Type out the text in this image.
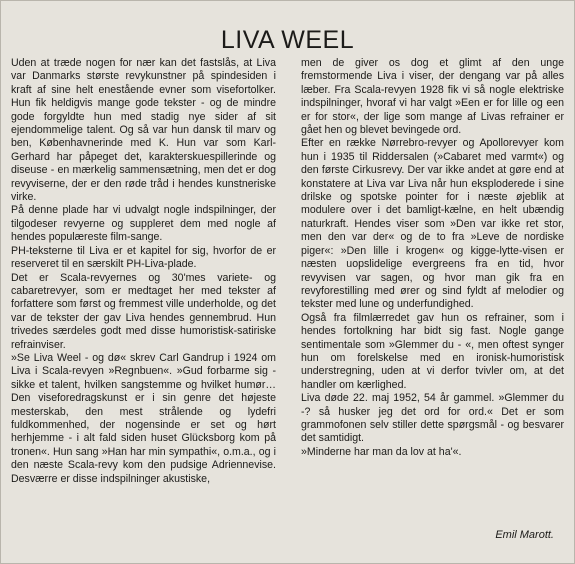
LIVA WEEL

Uden at træde nogen for nær kan det fastslås, at Liva var Danmarks største revykunstner på spindesiden i kraft af sine helt enestående evner som visefortolker. Hun fik heldigvis mange gode tekster - og de mindre gode forgyldte hun med stadig nye sider af sit ejendommelige talent. Og så var hun dansk til marv og ben, Københavnerinde med K. Hun var som Karl-Gerhard har påpeget det, karakterskuespillerinde og diseuse - en mærkelig sammensætning, men det er dog revyviserne, der er den røde tråd i hendes kunstneriske virke.

På denne plade har vi udvalgt nogle indspilninger, der tilgodeser revyerne og suppleret dem med nogle af hendes populæreste film-sange.

PH-teksterne til Liva er et kapitel for sig, hvorfor de er reserveret til en særskilt PH-Liva-plade.

Det er Scala-revyernes og 30'mes variete- og cabaretrevyer, som er medtaget her med tekster af forfattere som først og fremmest ville underholde, og det var de tekster der gav Liva hendes gennembrud. Hun trivedes særdeles godt med disse humoristisk-satiriske refrainviser.

»Se Liva Weel - og dø« skrev Carl Gandrup i 1924 om Liva i Scala-revyen »Regnbuen«. »Gud forbarme sig - sikke et talent, hvilken sangstemme og hvilket humør… Den viseforedragskunst er i sin genre det højeste mesterskab, den mest strålende og lydefri fuldkommenhed, der nogensinde er set og hørt herhjemme - i alt fald siden huset Glücksborg kom på tronen«. Hun sang »Han har min sympathi«, o.m.a., og i den næste Scala-revy kom den pudsige Adriennevise. Desværre er disse indspilninger akustiske,

men de giver os dog et glimt af den unge fremstormende Liva i viser, der dengang var på alles læber. Fra Scala-revyen 1928 fik vi så nogle elektriske indspilninger, hvoraf vi har valgt »Een er for lille og een er for stor«, der lige som mange af Livas refrainer er gået hen og blevet bevingede ord.

Efter en række Nørrebro-revyer og Apollorevyer kom hun i 1935 til Riddersalen (»Cabaret med varmt«) og den første Cirkusrevy. Der var ikke andet at gøre end at konstatere at Liva var Liva når hun eksploderede i sine drilske og spotske pointer for i næste øjeblik at modulere over i det bamligt-kælne, en helt ubændig naturkraft. Hendes viser som »Den var ikke ret stor, men den var der« og de to fra »Leve de nordiske piger«: »Den lille i krogen« og kigge-lytte-visen er næsten uopslidelige evergreens fra en tid, hvor revyvisen var sagen, og hvor man gik fra en revyforestilling med ører og sind fyldt af melodier og tekster med lune og underfundighed.

Også fra filmlærredet gav hun os refrainer, som i hendes fortolkning har bidt sig fast. Nogle gange sentimentale som »Glemmer du - «, men oftest synger hun om forelskelse med en ironisk-humoristisk understregning, uden at vi derfor tvivler om, at det handler om kærlighed.

Liva døde 22. maj 1952, 54 år gammel. »Glemmer du -? så husker jeg det ord for ord.« Det er som grammofonen selv stiller dette spørgsmål - og besvarer det samtidigt.

»Minderne har man da lov at ha'«.

Emil Marott.
